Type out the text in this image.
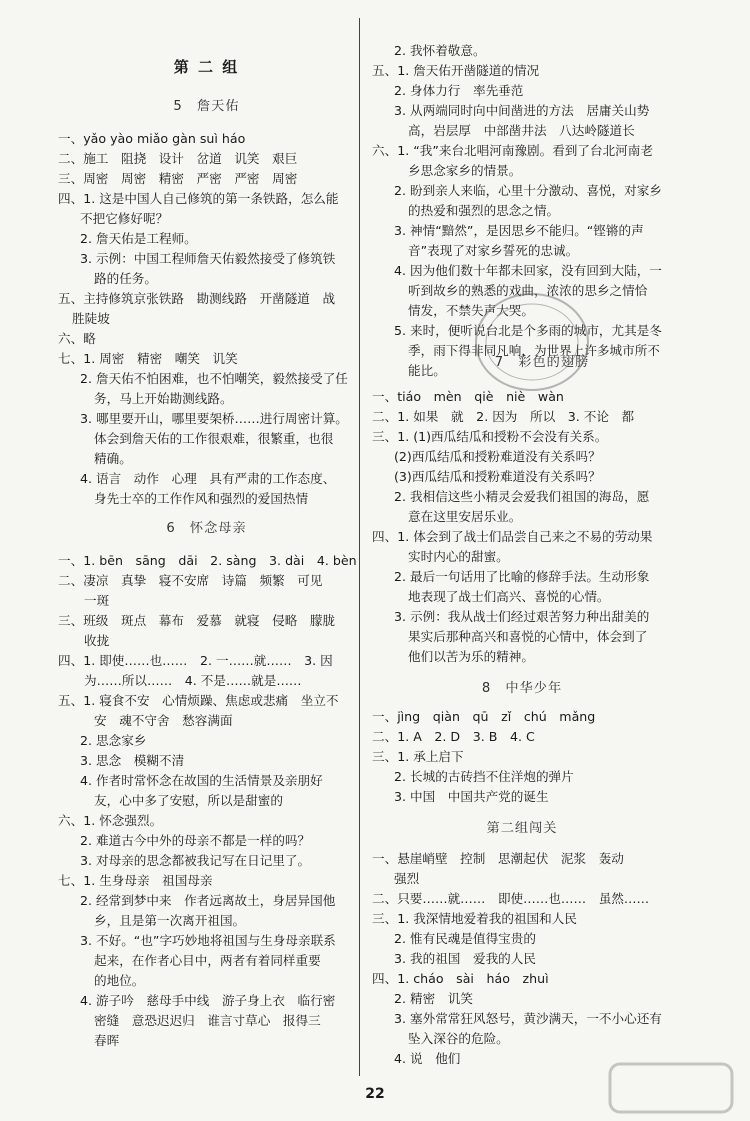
第 二 组
5　詹天佑
一、yǎo yào miǎo gàn suì háo
二、施工　阻挠　设计　岔道　讥笑　艰巨
三、周密　周密　精密　严密　严密　周密
四、1. 这是中国人自己修筑的第一条铁路，怎么能
不把它修好呢？
2. 詹天佑是工程师。
3. 示例：中国工程师詹天佑毅然接受了修筑铁
路的任务。
五、主持修筑京张铁路　勘测线路　开凿隧道　战
胜陡坡
六、略
七、1. 周密　精密　嘲笑　讥笑
2. 詹天佑不怕困难，也不怕嘲笑，毅然接受了任
务，马上开始勘测线路。
3. 哪里要开山，哪里要架桥……进行周密计算。
体会到詹天佑的工作很艰难，很繁重，也很
精确。
4. 语言　动作　心理　具有严肃的工作态度、
身先士卒的工作作风和强烈的爱国热情
6　怀念母亲
一、1. bēn　sāng　dāi　2. sàng　3. dài　4. bèn
二、凄凉　真挚　寝不安席　诗篇　频繁　可见
一斑
三、班级　斑点　幕布　爱慕　就寝　侵略　朦胧
收拢
四、1. 即使……也……　2. 一……就……　3. 因
为……所以……　4. 不是……就是……
五、1. 寝食不安　心情烦躁、焦虑或悲痛　坐立不
安　魂不守舍　愁容满面
2. 思念家乡
3. 思念　模糊不清
4. 作者时常怀念在故国的生活情景及亲朋好
友，心中多了安慰，所以是甜蜜的
六、1. 怀念强烈。
2. 难道古今中外的母亲不都是一样的吗？
3. 对母亲的思念都被我记写在日记里了。
七、1. 生身母亲　祖国母亲
2. 经常到梦中来　作者远离故土，身居异国他
乡，且是第一次离开祖国。
3. 不好。“也”字巧妙地将祖国与生身母亲联系
起来，在作者心目中，两者有着同样重要
的地位。
4. 游子吟　慈母手中线　游子身上衣　临行密
密缝　意恐迟迟归　谁言寸草心　报得三
春晖
2. 我怀着敬意。
五、1. 詹天佑开凿隧道的情况
2. 身体力行　率先垂范
3. 从两端同时向中间凿进的方法　居庸关山势
高，岩层厚　中部凿井法　八达岭隧道长
六、1. “我”来台北唱河南豫剧。看到了台北河南老
乡思念家乡的情景。
2. 盼到亲人来临，心里十分激动、喜悦，对家乡
的热爱和强烈的思念之情。
3. 神情“黯然”，是因思乡不能归。“铿锵的声
音”表现了对家乡誓死的忠诚。
4. 因为他们数十年都未回家，没有回到大陆，一
听到故乡的熟悉的戏曲，浓浓的思乡之情恰
情发，不禁失声大哭。
5. 来时，便听说台北是个多雨的城市，尤其是冬
季，雨下得非同凡响，为世界上许多城市所不
能比。
7　彩色的翅膀
一、tiáo　mèn　qiè　niè　wàn
二、1. 如果　就　2. 因为　所以　3. 不论　都
三、1. (1)西瓜结瓜和授粉不会没有关系。
(2)西瓜结瓜和授粉难道没有关系吗？
(3)西瓜结瓜和授粉难道没有关系吗？
2. 我相信这些小精灵会爱我们祖国的海岛，愿
意在这里安居乐业。
四、1. 体会到了战士们品尝自己来之不易的劳动果
实时内心的甜蜜。
2. 最后一句话用了比喻的修辞手法。生动形象
地表现了战士们高兴、喜悦的心情。
3. 示例：我从战士们经过艰苦努力种出甜美的
果实后那种高兴和喜悦的心情中，体会到了
他们以苦为乐的精神。
8　中华少年
一、jìng　qiàn　qū　zǐ　chú　mǎng
二、1. A　2. D　3. B　4. C
三、1. 承上启下
2. 长城的古砖挡不住洋炮的弹片
3. 中国　中国共产党的诞生
第二组闯关
一、悬崖峭壁　控制　思潮起伏　泥浆　轰动
强烈
二、只要……就……　即使……也……　虽然……
三、1. 我深情地爱着我的祖国和人民
2. 惟有民魂是值得宝贵的
3. 我的祖国　爱我的人民
四、1. cháo　sài　háo　zhuì
2. 精密　讥笑
3. 塞外常常狂风怒号，黄沙满天，一不小心还有
坠入深谷的危险。
4. 说　他们
22
